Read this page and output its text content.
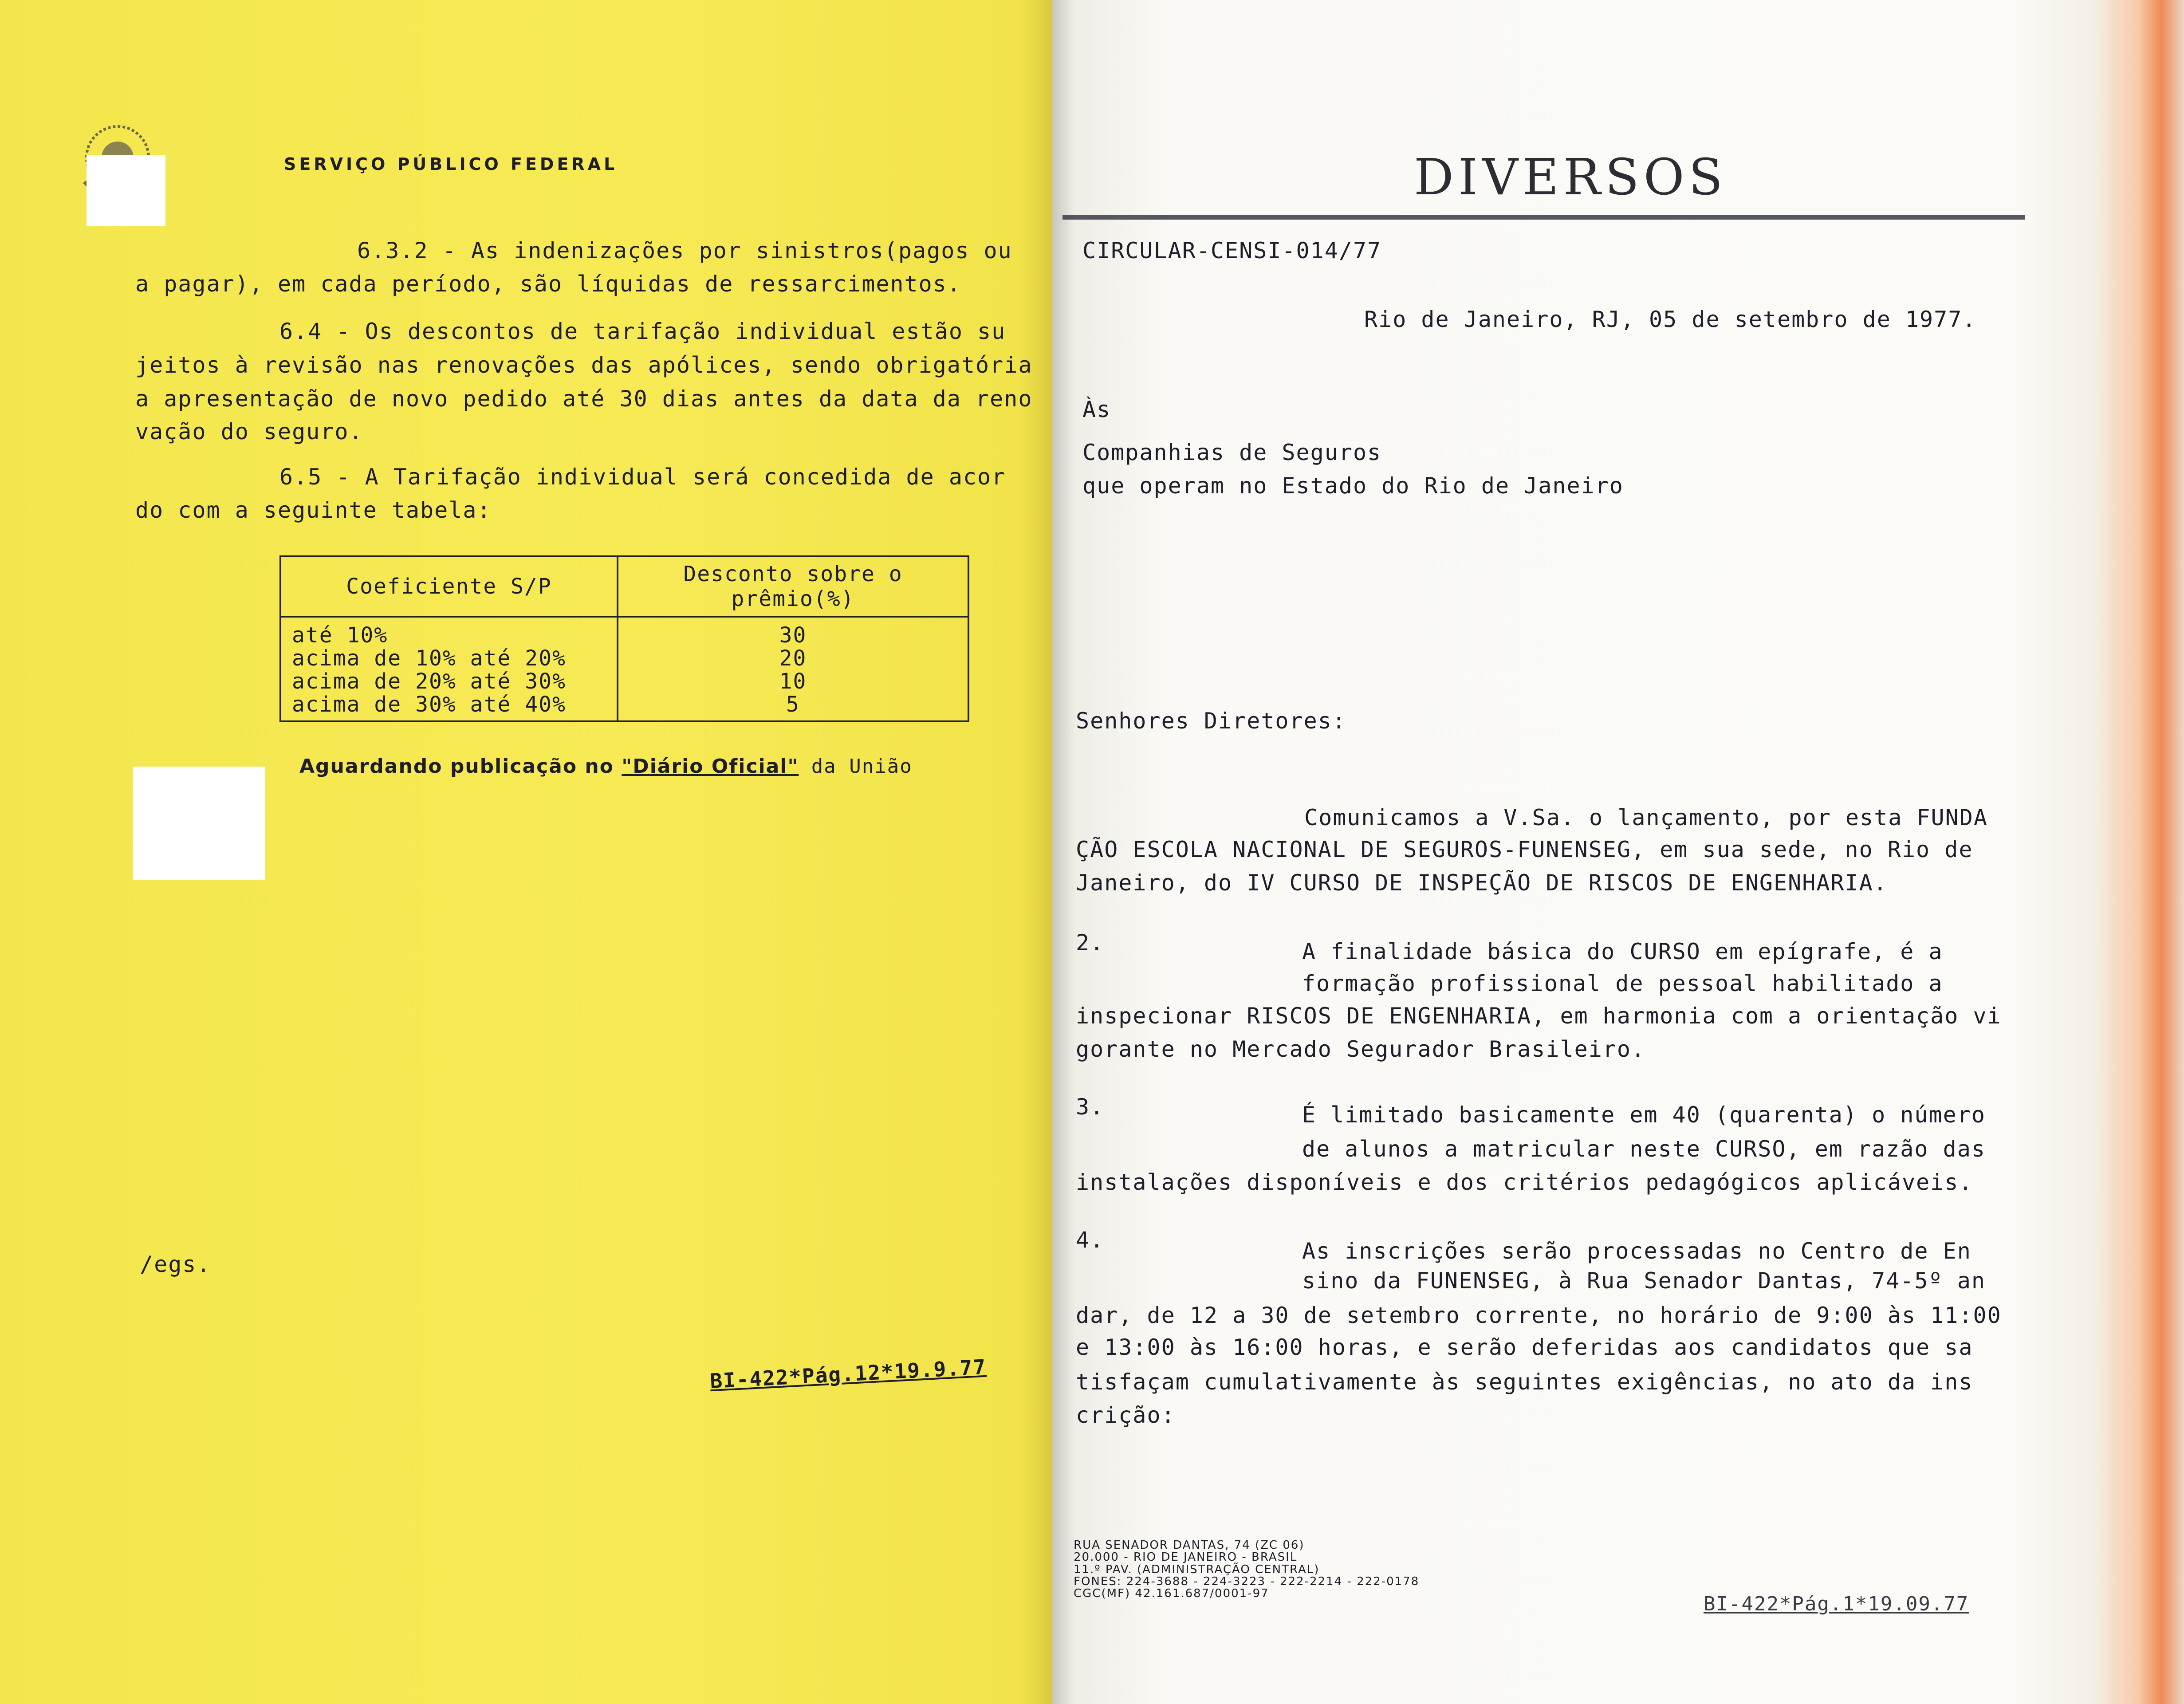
SERVIÇO PÚBLICO FEDERAL
6.3.2 - As indenizações por sinistros(pagos ou
a pagar), em cada período, são líquidas de ressarcimentos.
6.4 - Os descontos de tarifação individual estão su
jeitos à revisão nas renovações das apólices, sendo obrigatória
a apresentação de novo pedido até 30 dias antes da data da reno
vação do seguro.
6.5 - A Tarifação individual será concedida de acor
do com a seguinte tabela:
Coeficiente S/P	Desconto sobre o prêmio(%)
até 10%	30
acima de 10% até 20%	20
acima de 20% até 30%	10
acima de 30% até 40%	5
Aguardando publicação no "Diário Oficial" da União
/egs.
BI-422*Pág.12*19.9.77
DIVERSOS
CIRCULAR-CENSI-014/77
Rio de Janeiro, RJ, 05 de setembro de 1977.
Às
Companhias de Seguros
que operam no Estado do Rio de Janeiro
Senhores Diretores:
Comunicamos a V.Sa. o lançamento, por esta FUNDA
ÇÃO ESCOLA NACIONAL DE SEGUROS-FUNENSEG, em sua sede, no Rio de
Janeiro, do IV CURSO DE INSPEÇÃO DE RISCOS DE ENGENHARIA.
2.	A finalidade básica do CURSO em epígrafe, é a
formação profissional de pessoal habilitado a
inspecionar RISCOS DE ENGENHARIA, em harmonia com a orientação vi
gorante no Mercado Segurador Brasileiro.
3.	É limitado basicamente em 40 (quarenta) o número
de alunos a matricular neste CURSO, em razão das
instalações disponíveis e dos critérios pedagógicos aplicáveis.
4.	As inscrições serão processadas no Centro de En
sino da FUNENSEG, à Rua Senador Dantas, 74-5º an
dar, de 12 a 30 de setembro corrente, no horário de 9:00 às 11:00
e 13:00 às 16:00 horas, e serão deferidas aos candidatos que sa
tisfaçam cumulativamente às seguintes exigências, no ato da ins
crição:
RUA SENADOR DANTAS, 74 (ZC 06)
20.000 - RIO DE JANEIRO - BRASIL
11.º PAV. (ADMINISTRAÇÃO CENTRAL)
FONES: 224-3688 - 224-3223 - 222-2214 - 222-0178
CGC(MF) 42.161.687/0001-97	BI-422*Pág.1*19.09.77
